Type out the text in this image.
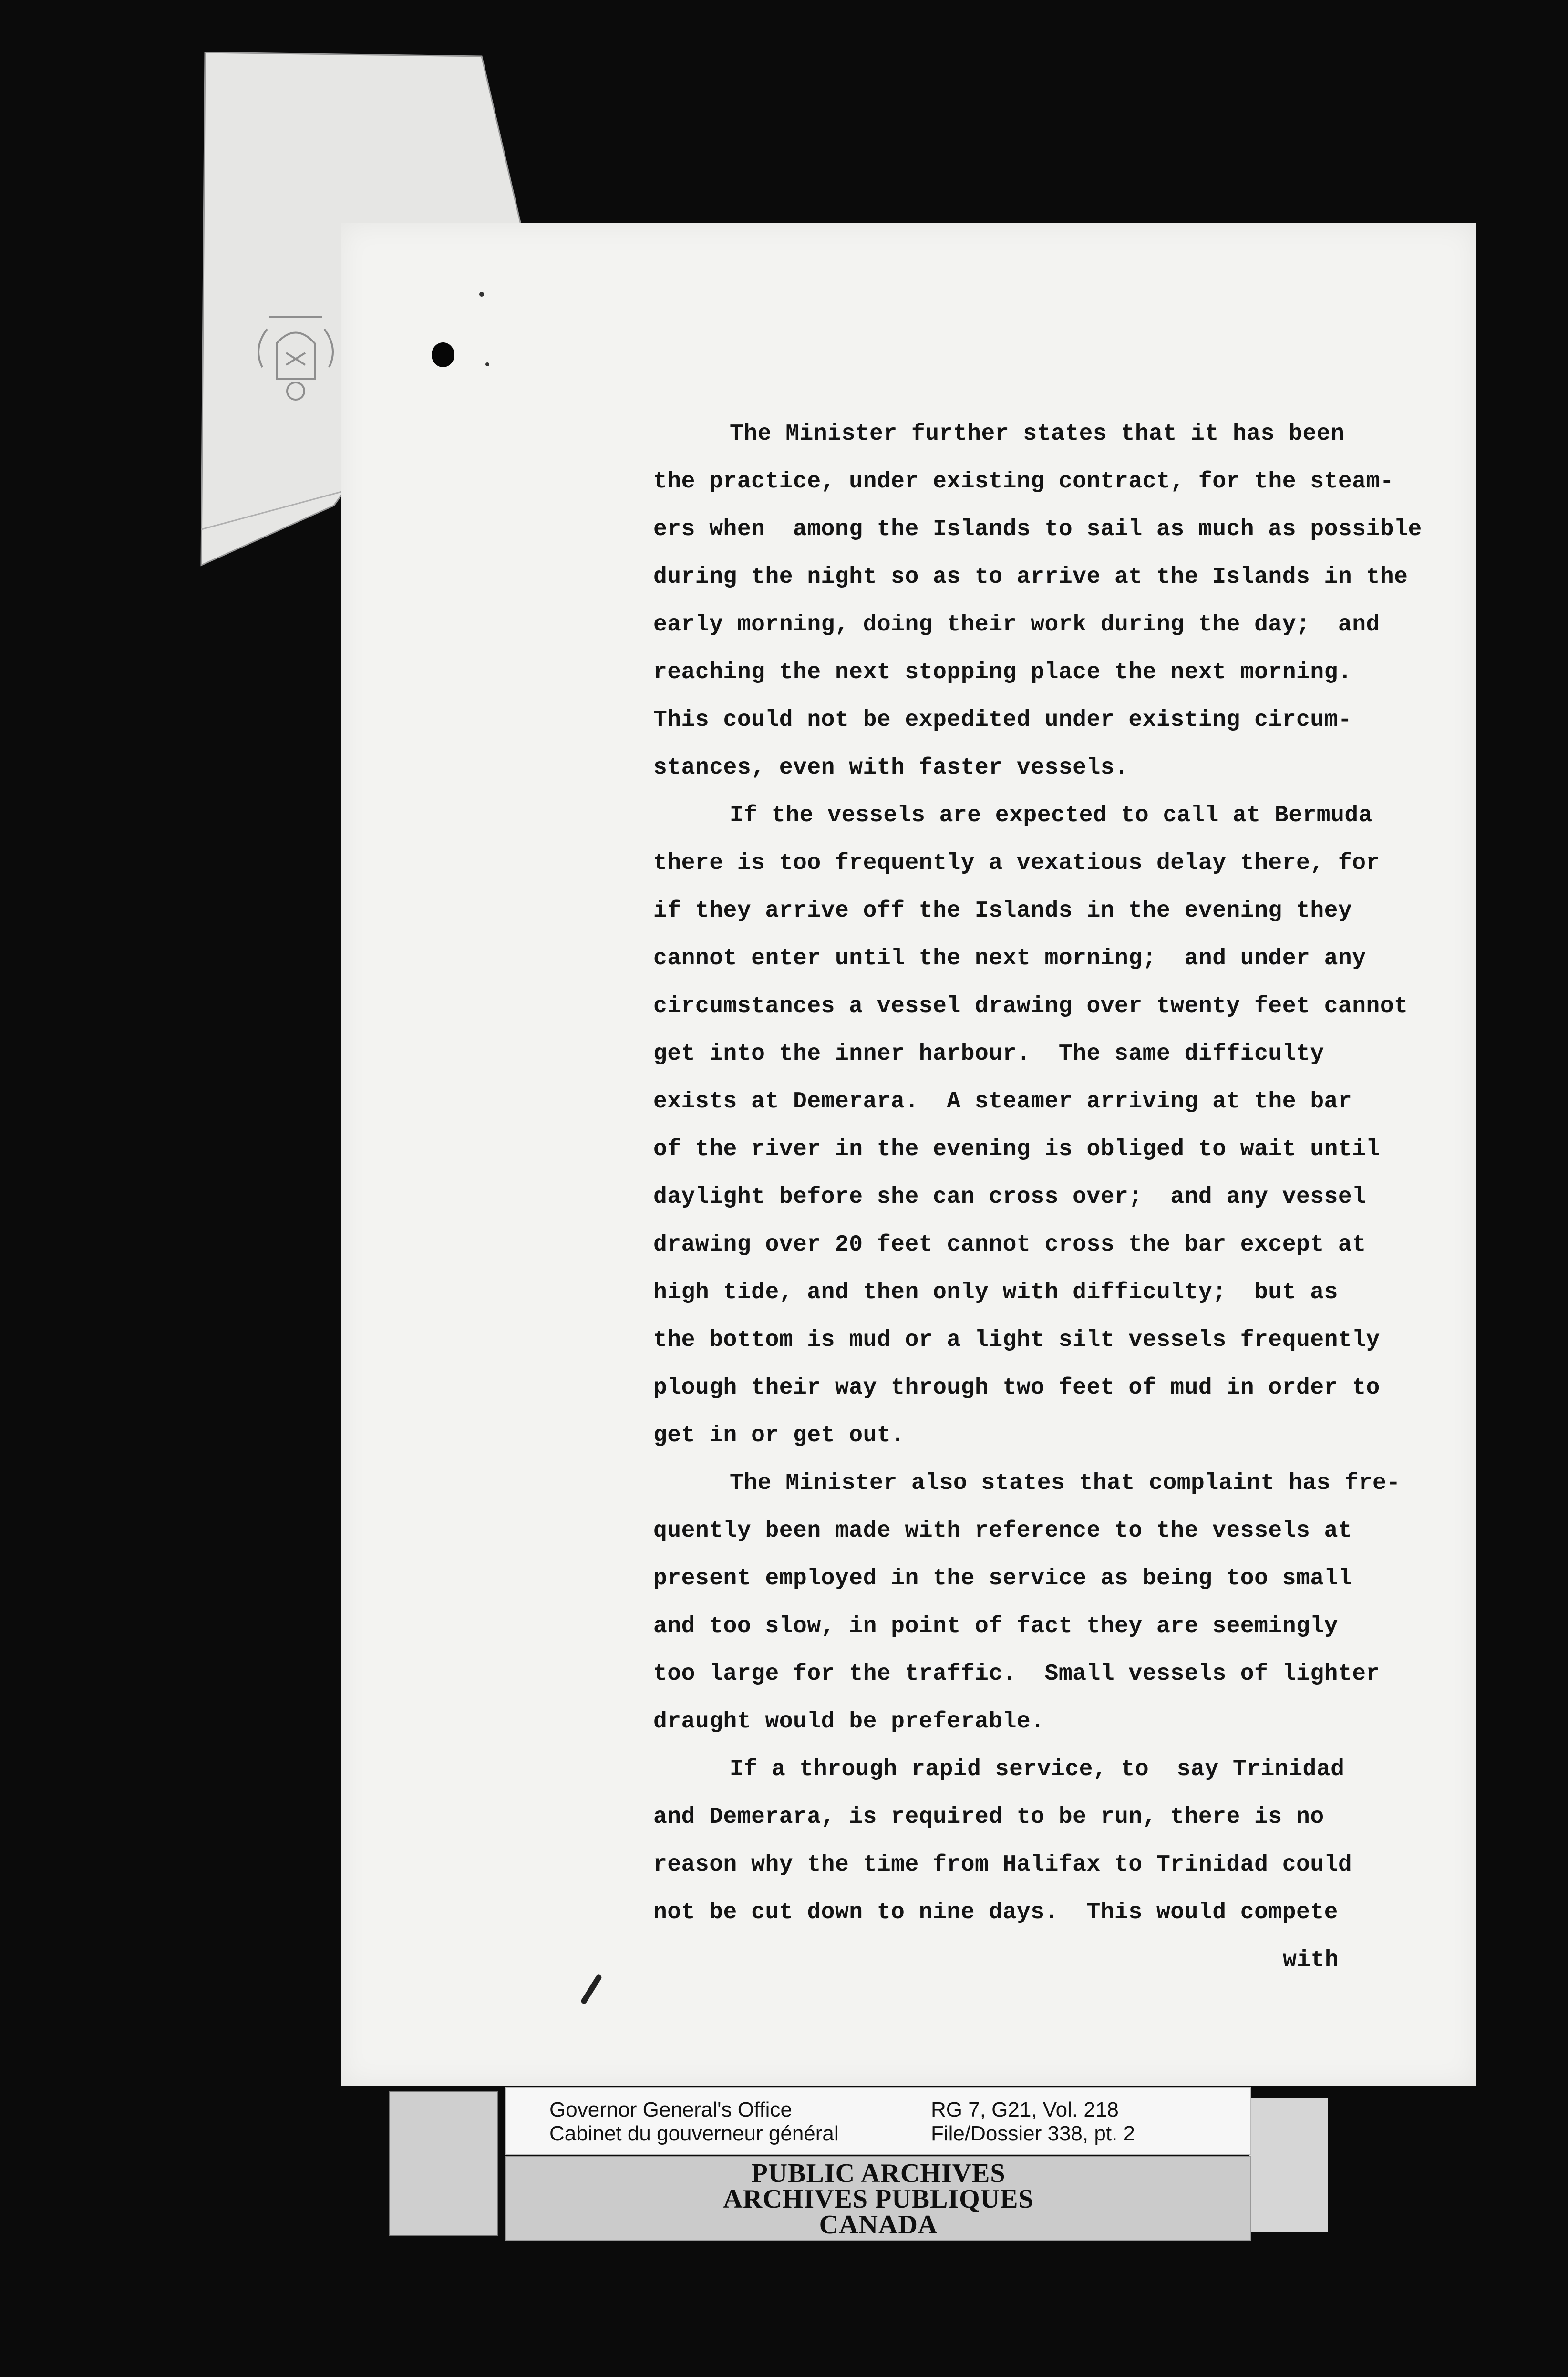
The Minister further states that it has been
the practice, under existing contract, for the steam-
ers when  among the Islands to sail as much as possible
during the night so as to arrive at the Islands in the
early morning, doing their work during the day;  and
reaching the next stopping place the next morning.
This could not be expedited under existing circum-
stances, even with faster vessels.
If the vessels are expected to call at Bermuda
there is too frequently a vexatious delay there, for
if they arrive off the Islands in the evening they
cannot enter until the next morning;  and under any
circumstances a vessel drawing over twenty feet cannot
get into the inner harbour.  The same difficulty
exists at Demerara.  A steamer arriving at the bar
of the river in the evening is obliged to wait until
daylight before she can cross over;  and any vessel
drawing over 20 feet cannot cross the bar except at
high tide, and then only with difficulty;  but as
the bottom is mud or a light silt vessels frequently
plough their way through two feet of mud in order to
get in or get out.
The Minister also states that complaint has fre-
quently been made with reference to the vessels at
present employed in the service as being too small
and too slow, in point of fact they are seemingly
too large for the traffic.  Small vessels of lighter
draught would be preferable.
If a through rapid service, to  say Trinidad
and Demerara, is required to be run, there is no
reason why the time from Halifax to Trinidad could
not be cut down to nine days.  This would compete
with
Governor General's Office
Cabinet du gouverneur général
RG 7, G21, Vol. 218
File/Dossier 338, pt. 2
PUBLIC ARCHIVES
ARCHIVES PUBLIQUES
CANADA
